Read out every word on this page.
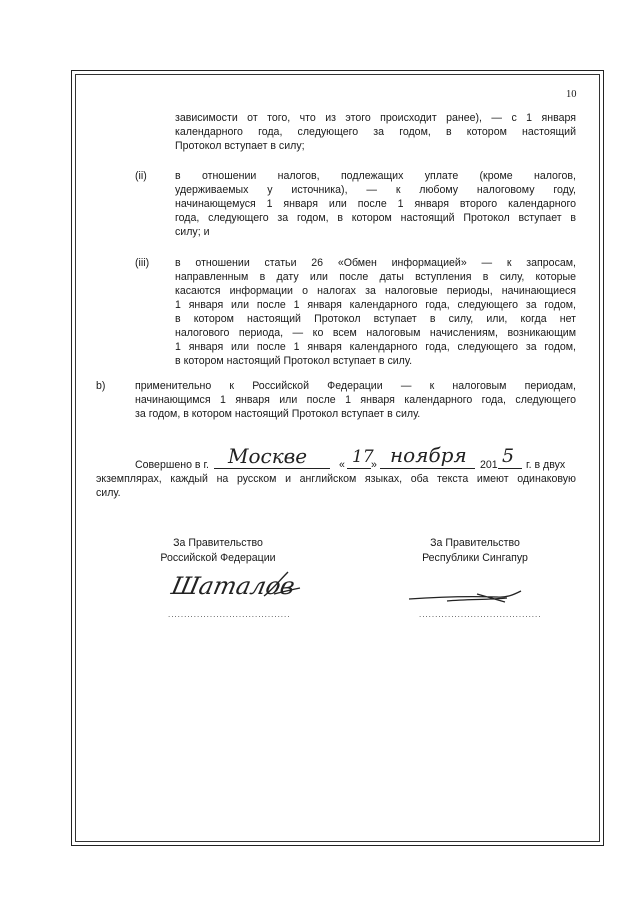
10
зависимости от того, что из этого происходит ранее), — с 1 января
календарного года, следующего за годом, в котором настоящий
Протокол вступает в силу;
(ii)	в отношении налогов, подлежащих уплате (кроме налогов,
удерживаемых у источника), — к любому налоговому году,
начинающемуся 1 января или после 1 января второго календарного
года, следующего за годом, в котором настоящий Протокол вступает в
силу; и
(iii) в отношении статьи 26 «Обмен информацией» — к запросам,
направленным в дату или после даты вступления в силу, которые
касаются информации о налогах за налоговые периоды, начинающиеся
1 января или после 1 января календарного года, следующего за годом,
в котором настоящий Протокол вступает в силу, или, когда нет
налогового периода, — ко всем налоговым начислениям, возникающим
1 января или после 1 января календарного года, следующего за годом,
в котором настоящий Протокол вступает в силу.
b)	применительно к Российской Федерации — к налоговым периодам,
начинающимся 1 января или после 1 января календарного года, следующего
за годом, в котором настоящий Протокол вступает в силу.
Совершено в г. Москве	« 17
» ноября 201 5 г. в двух
экземплярах, каждый на русском и английском языках, оба текста имеют одинаковую
силу.
За Правительство
Российской Федерации
За Правительство
Республики Сингапур
Шаталов
......................................	......................................
